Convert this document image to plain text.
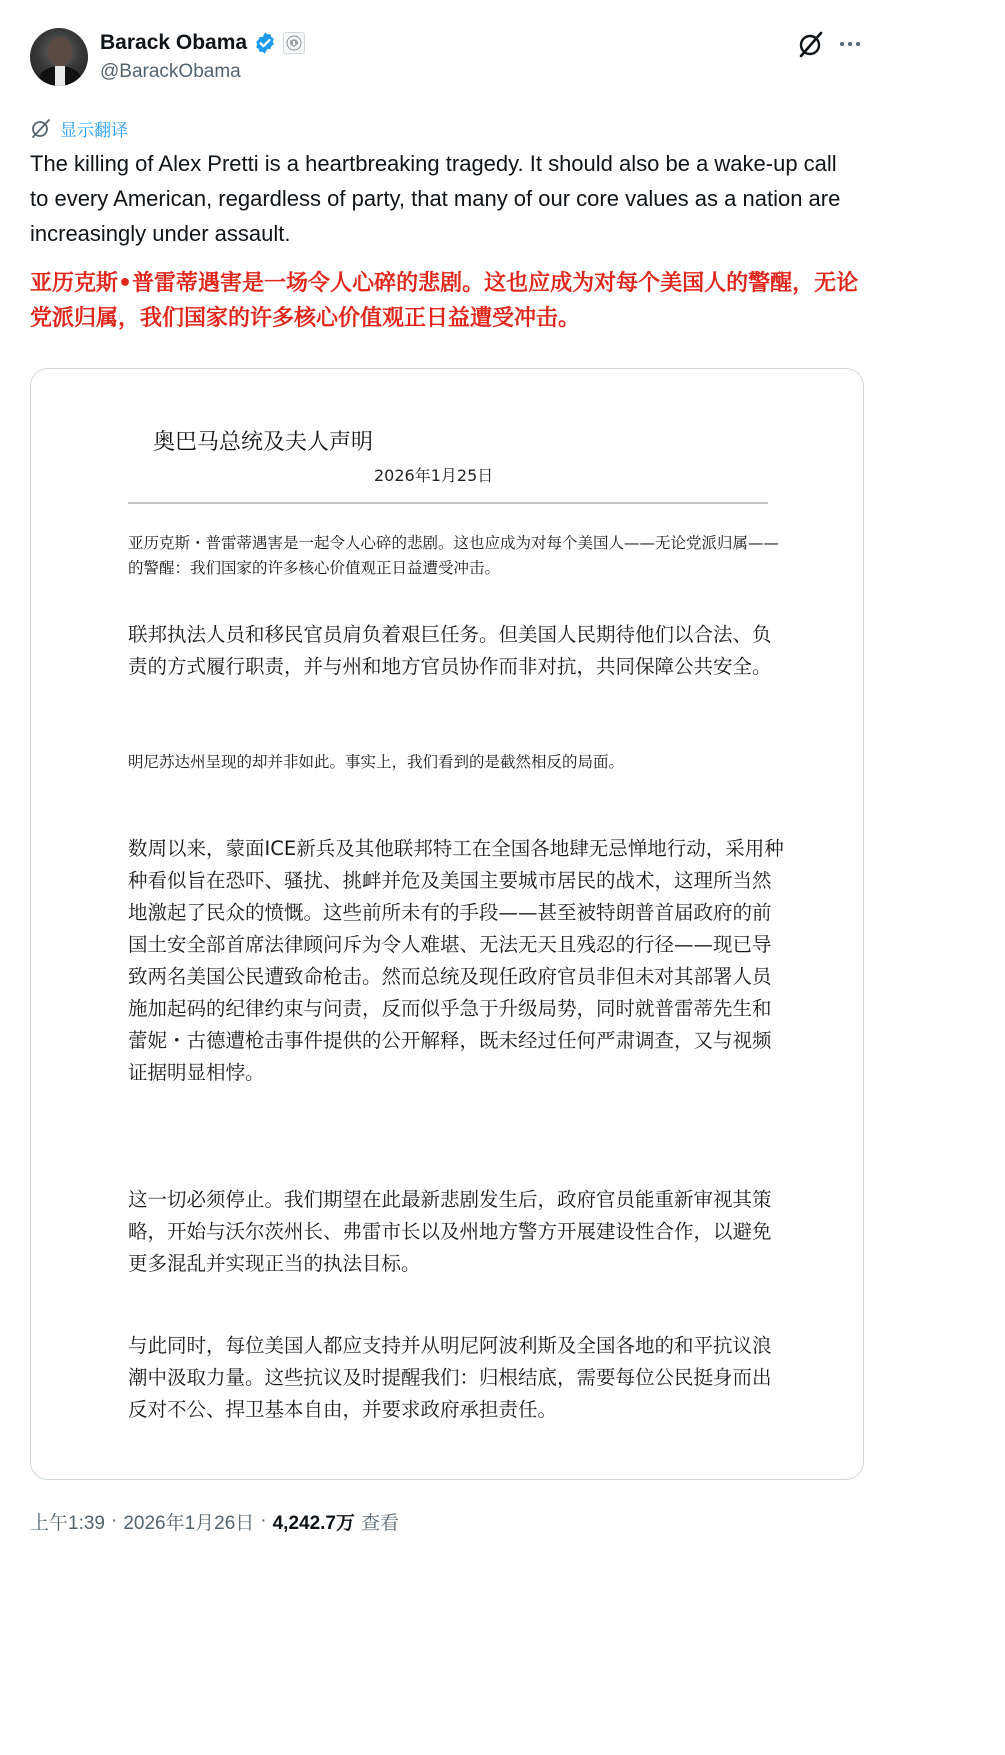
Barack Obama
@BarackObama
显示翻译
The killing of Alex Pretti is a heartbreaking tragedy. It should also be a wake-up call to every American, regardless of party, that many of our core values as a nation are increasingly under assault.
亚历克斯•普雷蒂遇害是一场令人心碎的悲剧。这也应成为对每个美国人的警醒，无论党派归属，我们国家的许多核心价值观正日益遭受冲击。
奥巴马总统及夫人声明
2026年1月25日
亚历克斯・普雷蒂遇害是一起令人心碎的悲剧。这也应成为对每个美国人——无论党派归属——的警醒：我们国家的许多核心价值观正日益遭受冲击。
联邦执法人员和移民官员肩负着艰巨任务。但美国人民期待他们以合法、负责的方式履行职责，并与州和地方官员协作而非对抗，共同保障公共安全。
明尼苏达州呈现的却并非如此。事实上，我们看到的是截然相反的局面。
数周以来，蒙面ICE新兵及其他联邦特工在全国各地肆无忌惮地行动，采用种种看似旨在恐吓、骚扰、挑衅并危及美国主要城市居民的战术，这理所当然地激起了民众的愤慨。这些前所未有的手段——甚至被特朗普首届政府的前国土安全部首席法律顾问斥为令人难堪、无法无天且残忍的行径——现已导致两名美国公民遭致命枪击。然而总统及现任政府官员非但未对其部署人员施加起码的纪律约束与问责，反而似乎急于升级局势，同时就普雷蒂先生和蕾妮・古德遭枪击事件提供的公开解释，既未经过任何严肃调查，又与视频证据明显相悖。
这一切必须停止。我们期望在此最新悲剧发生后，政府官员能重新审视其策略，开始与沃尔茨州长、弗雷市长以及州地方警方开展建设性合作，以避免更多混乱并实现正当的执法目标。
与此同时，每位美国人都应支持并从明尼阿波利斯及全国各地的和平抗议浪潮中汲取力量。这些抗议及时提醒我们：归根结底，需要每位公民挺身而出反对不公、捍卫基本自由，并要求政府承担责任。
上午1:39 · 2026年1月26日 · 4,242.7万 查看
